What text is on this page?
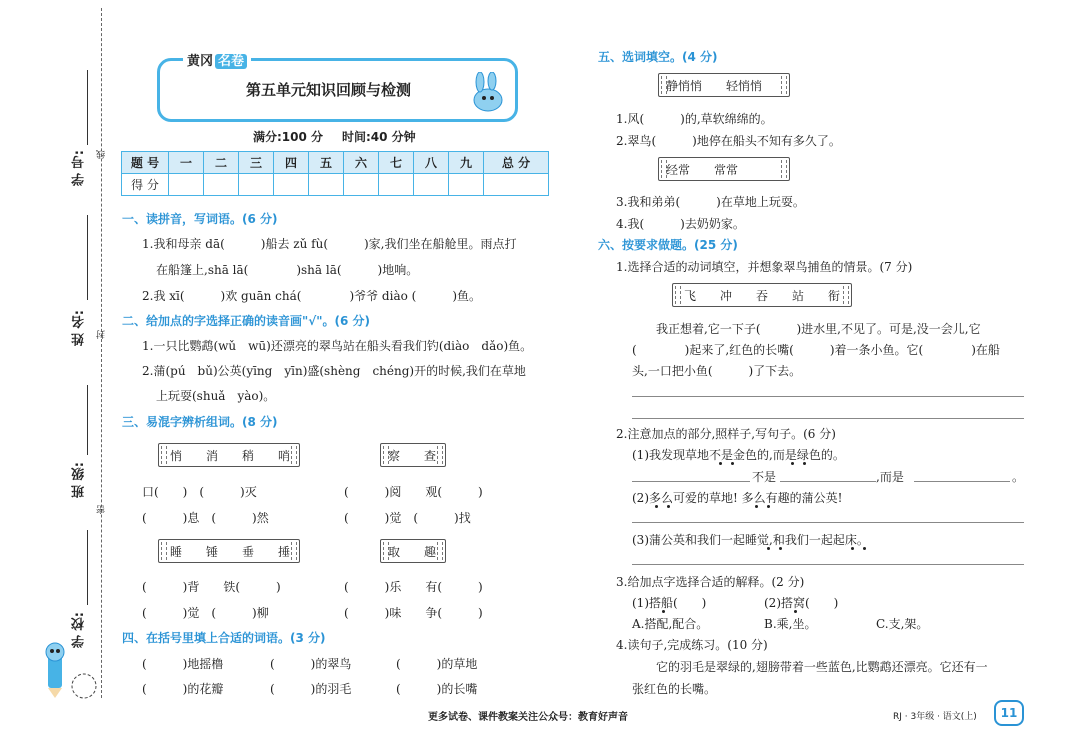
学 号: 线
姓 名: 封
班 级:
密
学 校:
黄冈 名卷
第五单元知识回顾与检测
满分:100 分 时间:40 分钟
题 号	一	二	三	四	五	六	七	八	九	总 分
得 分										
一、读拼音，写词语。(6 分)
1.我和母亲 dā(　　　)船去 zǔ fù(　　　)家,我们坐在船舱里。雨点打
在船篷上,shā lā(　　　　)shā lā(　　　)地响。
2.我 xī(　　　)欢 guān chá(　　　　)爷爷 diào (　　　)鱼。
二、给加点的字选择正确的读音画"√"。(6 分)
1.一只比鹦鹉(wǔ　wū)还漂亮的翠鸟站在船头看我们钓(diào　dǎo)鱼。
2.蒲(pú　bǔ)公英(yīng　yīn)盛(shèng　chéng)开的时候,我们在草地
上玩耍(shuǎ　yào)。
三、易混字辨析组词。(8 分)
悄　　消　　稍　　哨	察　　查
口(　　)　(　　　)灭	(　　　)阅　　观(　　　)
(　　　)息　(　　　)然	(　　　)觉　(　　　)找
睡　　锤　　垂　　捶	取　　趣
(　　　)背　　铁(　　　)	(　　　)乐　　有(　　　)
(　　　)觉　(　　　)柳	(　　　)味　　争(　　　)
四、在括号里填上合适的词语。(3 分)
(　　　)地摇橹	(　　　)的翠鸟	(　　　)的草地
(　　　)的花瓣	(　　　)的羽毛	(　　　)的长嘴
五、选词填空。(4 分)
静悄悄　　轻悄悄
1.风(　　　)的,草软绵绵的。
2.翠鸟(　　　)地停在船头不知有多久了。
经常　　常常
3.我和弟弟(　　　)在草地上玩耍。
4.我(　　　)去奶奶家。
六、按要求做题。(25 分)
1.选择合适的动词填空，并想象翠鸟捕鱼的情景。(7 分)
飞　　冲　　吞　　站　　衔
我正想着,它一下子(　　　)进水里,不见了。可是,没一会儿,它
(　　　　)起来了,红色的长嘴(　　　)着一条小鱼。它(　　　　)在船
头,一口把小鱼(　　　)了下去。
2.注意加点的部分,照样子,写句子。(6 分)
(1)我发现草地不是金色的,而是绿色的。
不是	,而是	。
(2)多么可爱的草地! 多么有趣的蒲公英!
(3)蒲公英和我们一起睡觉,和我们一起起床。
3.给加点字选择合适的解释。(2 分)
(1)搭船(　　)	(2)搭窝(　　)
A.搭配,配合。	B.乘,坐。	C.支,架。
4.读句子,完成练习。(10 分)
它的羽毛是翠绿的,翅膀带着一些蓝色,比鹦鹉还漂亮。它还有一
张红色的长嘴。
更多试卷、课件教案关注公众号：教育好声音	RJ · 3年级 · 语文(上)	11
